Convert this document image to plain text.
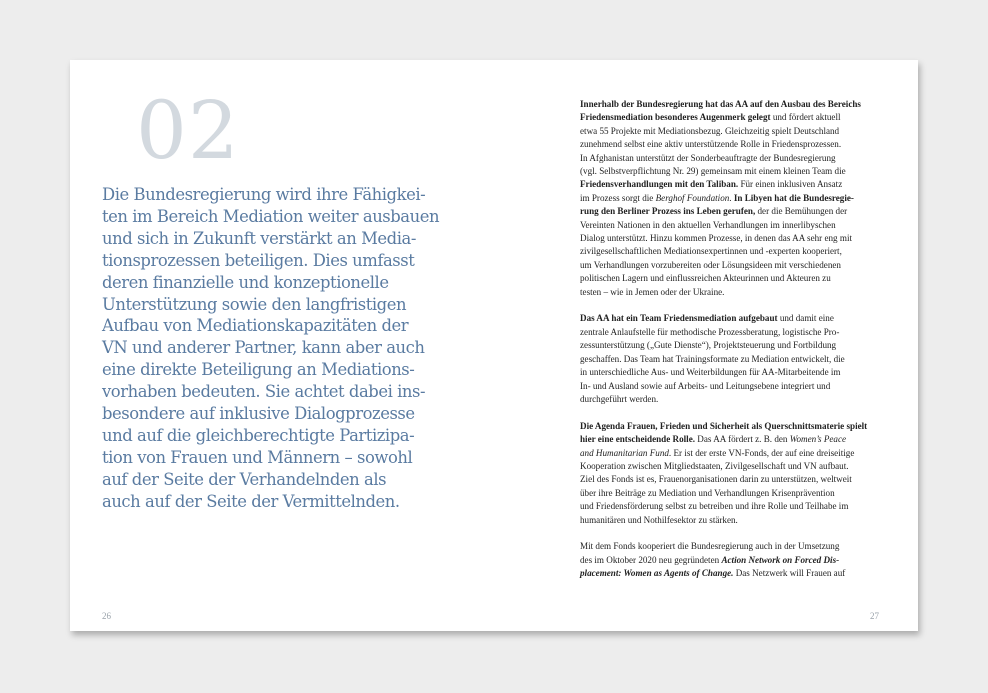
02
Die Bundesregierung wird ihre Fähigkei-
ten im Bereich Mediation weiter ausbauen
und sich in Zukunft verstärkt an Media-
tionsprozessen beteiligen. Dies umfasst
deren finanzielle und konzeptionelle
Unterstützung sowie den langfristigen
Aufbau von Mediationskapazitäten der
VN und anderer Partner, kann aber auch
eine direkte Beteiligung an Mediations-
vorhaben bedeuten. Sie achtet dabei ins-
besondere auf inklusive Dialogprozesse
und auf die gleichberechtigte Partizipa-
tion von Frauen und Männern – sowohl
auf der Seite der Verhandelnden als
auch auf der Seite der Vermittelnden.
26
Innerhalb der Bundesregierung hat das AA auf den Ausbau des Bereichs
Friedensmediation besonderes Augenmerk gelegt und fördert aktuell
etwa 55 Projekte mit Mediationsbezug. Gleichzeitig spielt Deutschland
zunehmend selbst eine aktiv unterstützende Rolle in Friedensprozessen.
In Afghanistan unterstützt der Sonderbeauftragte der Bundesregierung
(vgl. Selbstverpflichtung Nr. 29) gemeinsam mit einem kleinen Team die
Friedensverhandlungen mit den Taliban. Für einen inklusiven Ansatz
im Prozess sorgt die Berghof Foundation. In Libyen hat die Bundesregie-
rung den Berliner Prozess ins Leben gerufen, der die Bemühungen der
Vereinten Nationen in den aktuellen Verhandlungen im innerlibyschen
Dialog unterstützt. Hinzu kommen Prozesse, in denen das AA sehr eng mit
zivilgesellschaftlichen Mediationsexpertinnen und -experten kooperiert,
um Verhandlungen vorzubereiten oder Lösungsideen mit verschiedenen
politischen Lagern und einflussreichen Akteurinnen und Akteuren zu
testen – wie in Jemen oder der Ukraine.
Das AA hat ein Team Friedensmediation aufgebaut und damit eine
zentrale Anlaufstelle für methodische Prozessberatung, logistische Pro-
zessunterstützung („Gute Dienste“), Projektsteuerung und Fortbildung
geschaffen. Das Team hat Trainingsformate zu Mediation entwickelt, die
in unterschiedliche Aus- und Weiterbildungen für AA-Mitarbeitende im
In- und Ausland sowie auf Arbeits- und Leitungsebene integriert und
durchgeführt werden.
Die Agenda Frauen, Frieden und Sicherheit als Querschnittsmaterie spielt
hier eine entscheidende Rolle. Das AA fördert z. B. den Women’s Peace
and Humanitarian Fund. Er ist der erste VN-Fonds, der auf eine dreiseitige
Kooperation zwischen Mitgliedstaaten, Zivilgesellschaft und VN aufbaut.
Ziel des Fonds ist es, Frauenorganisationen darin zu unterstützen, weltweit
über ihre Beiträge zu Mediation und Verhandlungen Krisenprävention
und Friedensförderung selbst zu betreiben und ihre Rolle und Teilhabe im
humanitären und Nothilfesektor zu stärken.
Mit dem Fonds kooperiert die Bundesregierung auch in der Umsetzung
des im Oktober 2020 neu gegründeten Action Network on Forced Dis-
placement: Women as Agents of Change. Das Netzwerk will Frauen auf
27
